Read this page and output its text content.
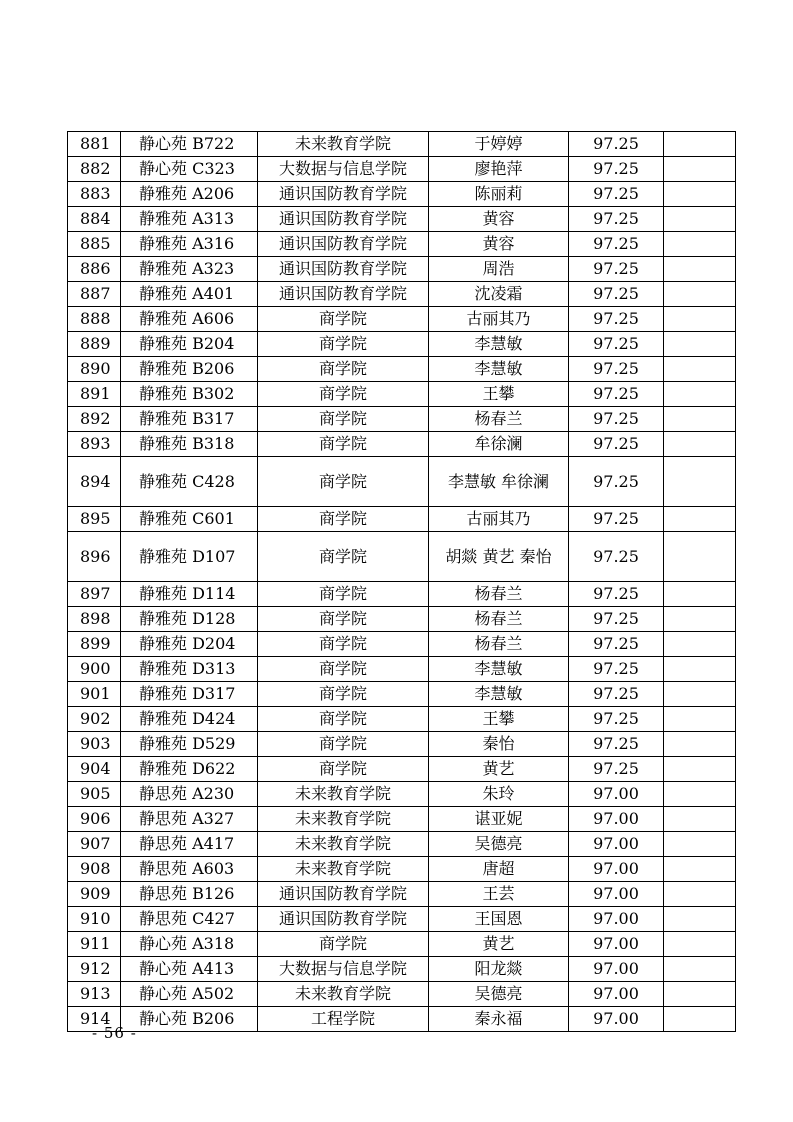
881	静心苑 B722	未来教育学院	于婷婷	97.25	
882	静心苑 C323	大数据与信息学院	廖艳萍	97.25	
883	静雅苑 A206	通识国防教育学院	陈丽莉	97.25	
884	静雅苑 A313	通识国防教育学院	黄容	97.25	
885	静雅苑 A316	通识国防教育学院	黄容	97.25	
886	静雅苑 A323	通识国防教育学院	周浩	97.25	
887	静雅苑 A401	通识国防教育学院	沈凌霜	97.25	
888	静雅苑 A606	商学院	古丽其乃	97.25	
889	静雅苑 B204	商学院	李慧敏	97.25	
890	静雅苑 B206	商学院	李慧敏	97.25	
891	静雅苑 B302	商学院	王攀	97.25	
892	静雅苑 B317	商学院	杨春兰	97.25	
893	静雅苑 B318	商学院	牟徐澜	97.25	
894	静雅苑 C428	商学院	李慧敏 牟徐澜	97.25	
895	静雅苑 C601	商学院	古丽其乃	97.25	
896	静雅苑 D107	商学院	胡燚 黄艺 秦怡	97.25	
897	静雅苑 D114	商学院	杨春兰	97.25	
898	静雅苑 D128	商学院	杨春兰	97.25	
899	静雅苑 D204	商学院	杨春兰	97.25	
900	静雅苑 D313	商学院	李慧敏	97.25	
901	静雅苑 D317	商学院	李慧敏	97.25	
902	静雅苑 D424	商学院	王攀	97.25	
903	静雅苑 D529	商学院	秦怡	97.25	
904	静雅苑 D622	商学院	黄艺	97.25	
905	静思苑 A230	未来教育学院	朱玲	97.00	
906	静思苑 A327	未来教育学院	谌亚妮	97.00	
907	静思苑 A417	未来教育学院	吴德亮	97.00	
908	静思苑 A603	未来教育学院	唐超	97.00	
909	静思苑 B126	通识国防教育学院	王芸	97.00	
910	静思苑 C427	通识国防教育学院	王国恩	97.00	
911	静心苑 A318	商学院	黄艺	97.00	
912	静心苑 A413	大数据与信息学院	阳龙燚	97.00	
913	静心苑 A502	未来教育学院	吴德亮	97.00	
914	静心苑 B206	工程学院	秦永福	97.00	
- 56 -
